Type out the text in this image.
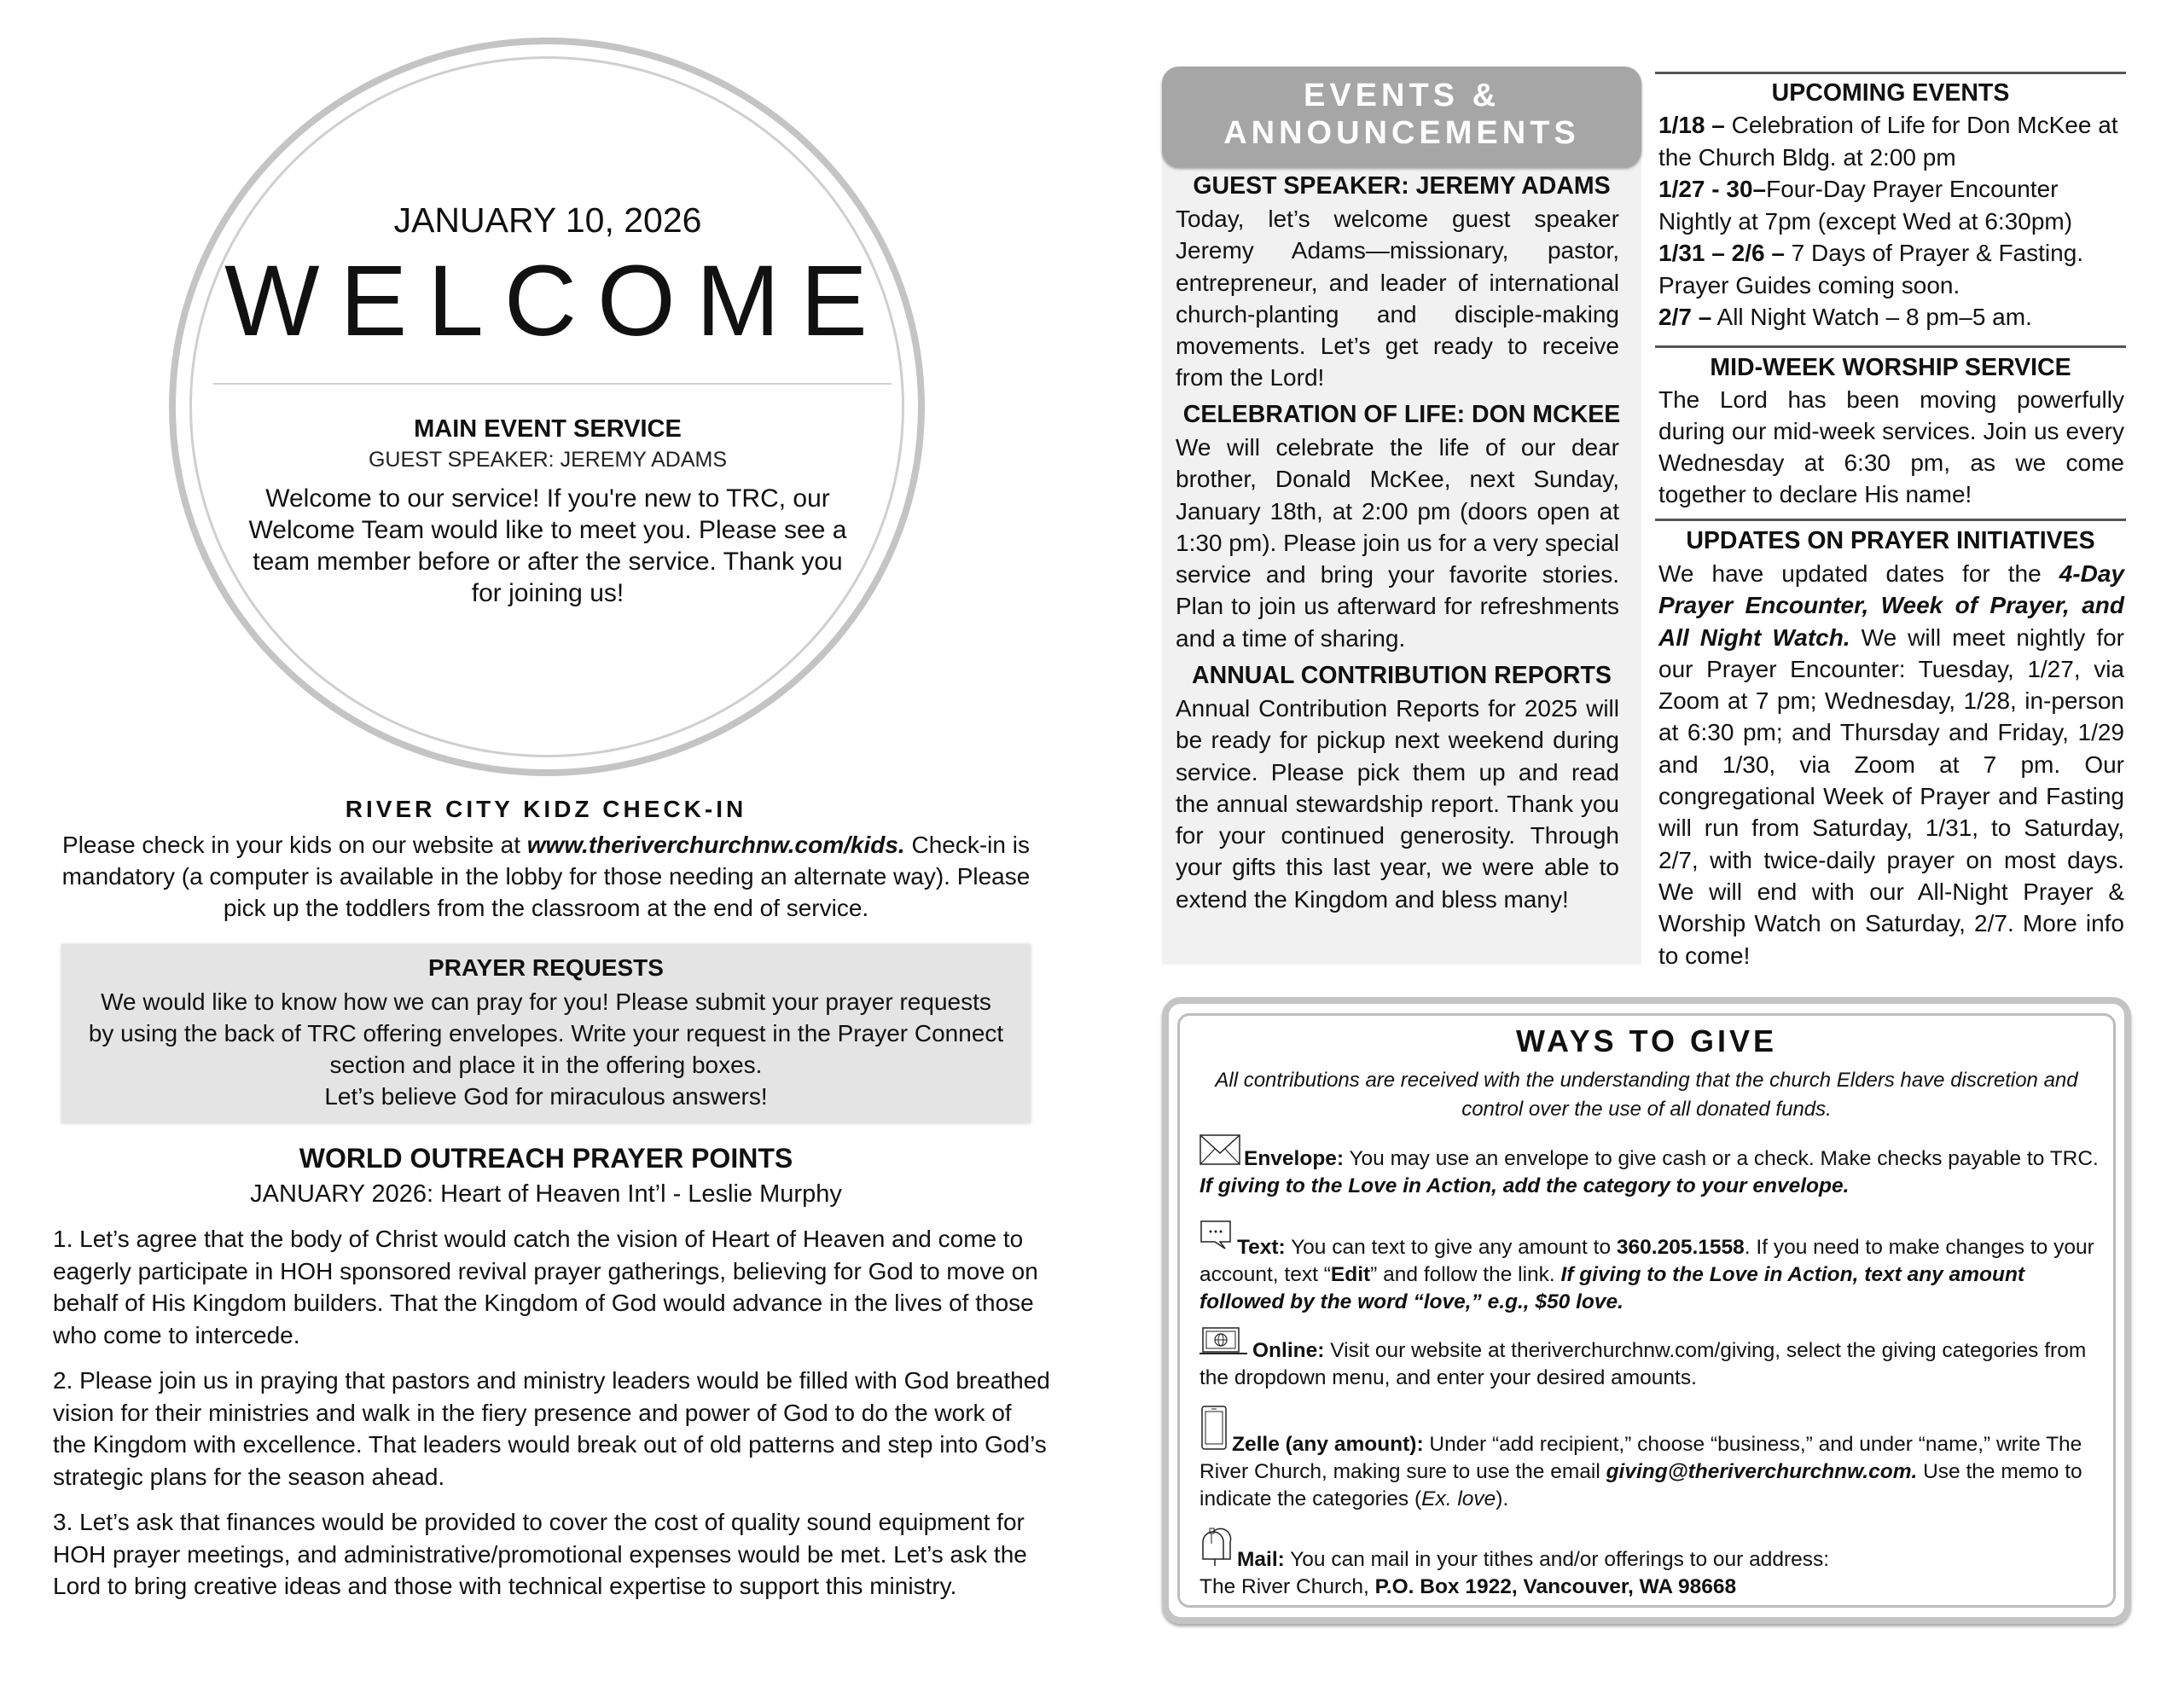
JANUARY 10, 2026
WELCOME
MAIN EVENT SERVICE
GUEST SPEAKER: JEREMY ADAMS
Welcome to our service! If you're new to TRC, our Welcome Team would like to meet you. Please see a team member before or after the service. Thank you for joining us!
RIVER CITY KIDZ CHECK-IN
Please check in your kids on our website at www.theriverchurchnw.com/kids. Check-in is mandatory (a computer is available in the lobby for those needing an alternate way). Please pick up the toddlers from the classroom at the end of service.
PRAYER REQUESTS
We would like to know how we can pray for you! Please submit your prayer requests by using the back of TRC offering envelopes. Write your request in the Prayer Connect section and place it in the offering boxes.
Let’s believe God for miraculous answers!
WORLD OUTREACH PRAYER POINTS
JANUARY 2026: Heart of Heaven Int’l - Leslie Murphy
1. Let’s agree that the body of Christ would catch the vision of Heart of Heaven and come to eagerly participate in HOH sponsored revival prayer gatherings, believing for God to move on behalf of His Kingdom builders. That the Kingdom of God would advance in the lives of those who come to intercede.
2. Please join us in praying that pastors and ministry leaders would be filled with God breathed vision for their ministries and walk in the fiery presence and power of God to do the work of the Kingdom with excellence. That leaders would break out of old patterns and step into God’s strategic plans for the season ahead.
3. Let’s ask that finances would be provided to cover the cost of quality sound equipment for HOH prayer meetings, and administrative/promotional expenses would be met. Let’s ask the Lord to bring creative ideas and those with technical expertise to support this ministry.
EVENTS &
ANNOUNCEMENTS
GUEST SPEAKER: JEREMY ADAMS
Today, let’s welcome guest speaker Jeremy Adams—missionary, pastor, entrepreneur, and leader of international church-planting and disciple-making movements. Let’s get ready to receive from the Lord!
CELEBRATION OF LIFE: DON MCKEE
We will celebrate the life of our dear brother, Donald McKee, next Sunday, January 18th, at 2:00 pm (doors open at 1:30 pm). Please join us for a very special service and bring your favorite stories. Plan to join us afterward for refreshments and a time of sharing.
ANNUAL CONTRIBUTION REPORTS
Annual Contribution Reports for 2025 will be ready for pickup next weekend during service. Please pick them up and read the annual stewardship report. Thank you for your continued generosity. Through your gifts this last year, we were able to extend the Kingdom and bless many!
UPCOMING EVENTS
1/18 – Celebration of Life for Don McKee at the Church Bldg. at 2:00 pm
1/27 - 30–Four-Day Prayer Encounter Nightly at 7pm (except Wed at 6:30pm)
1/31 – 2/6 – 7 Days of Prayer & Fasting. Prayer Guides coming soon.
2/7 – All Night Watch – 8 pm–5 am.
MID-WEEK WORSHIP SERVICE
The Lord has been moving powerfully during our mid-week services. Join us every Wednesday at 6:30 pm, as we come together to declare His name!
UPDATES ON PRAYER INITIATIVES
We have updated dates for the 4-Day Prayer Encounter, Week of Prayer, and All Night Watch. We will meet nightly for our Prayer Encounter: Tuesday, 1/27, via Zoom at 7 pm; Wednesday, 1/28, in-person at 6:30 pm; and Thursday and Friday, 1/29 and 1/30, via Zoom at 7 pm. Our congregational Week of Prayer and Fasting will run from Saturday, 1/31, to Saturday, 2/7, with twice-daily prayer on most days. We will end with our All-Night Prayer & Worship Watch on Saturday, 2/7. More info to come!
WAYS TO GIVE
All contributions are received with the understanding that the church Elders have discretion and control over the use of all donated funds.
Envelope: You may use an envelope to give cash or a check. Make checks payable to TRC. If giving to the Love in Action, add the category to your envelope.
Text: You can text to give any amount to 360.205.1558. If you need to make changes to your account, text “Edit” and follow the link. If giving to the Love in Action, text any amount followed by the word “love,” e.g., $50 love.
Online: Visit our website at theriverchurchnw.com/giving, select the giving categories from the dropdown menu, and enter your desired amounts.
Zelle (any amount): Under “add recipient,” choose “business,” and under “name,” write The River Church, making sure to use the email giving@theriverchurchnw.com. Use the memo to indicate the categories (Ex. love).
Mail: You can mail in your tithes and/or offerings to our address:
The River Church, P.O. Box 1922, Vancouver, WA 98668
